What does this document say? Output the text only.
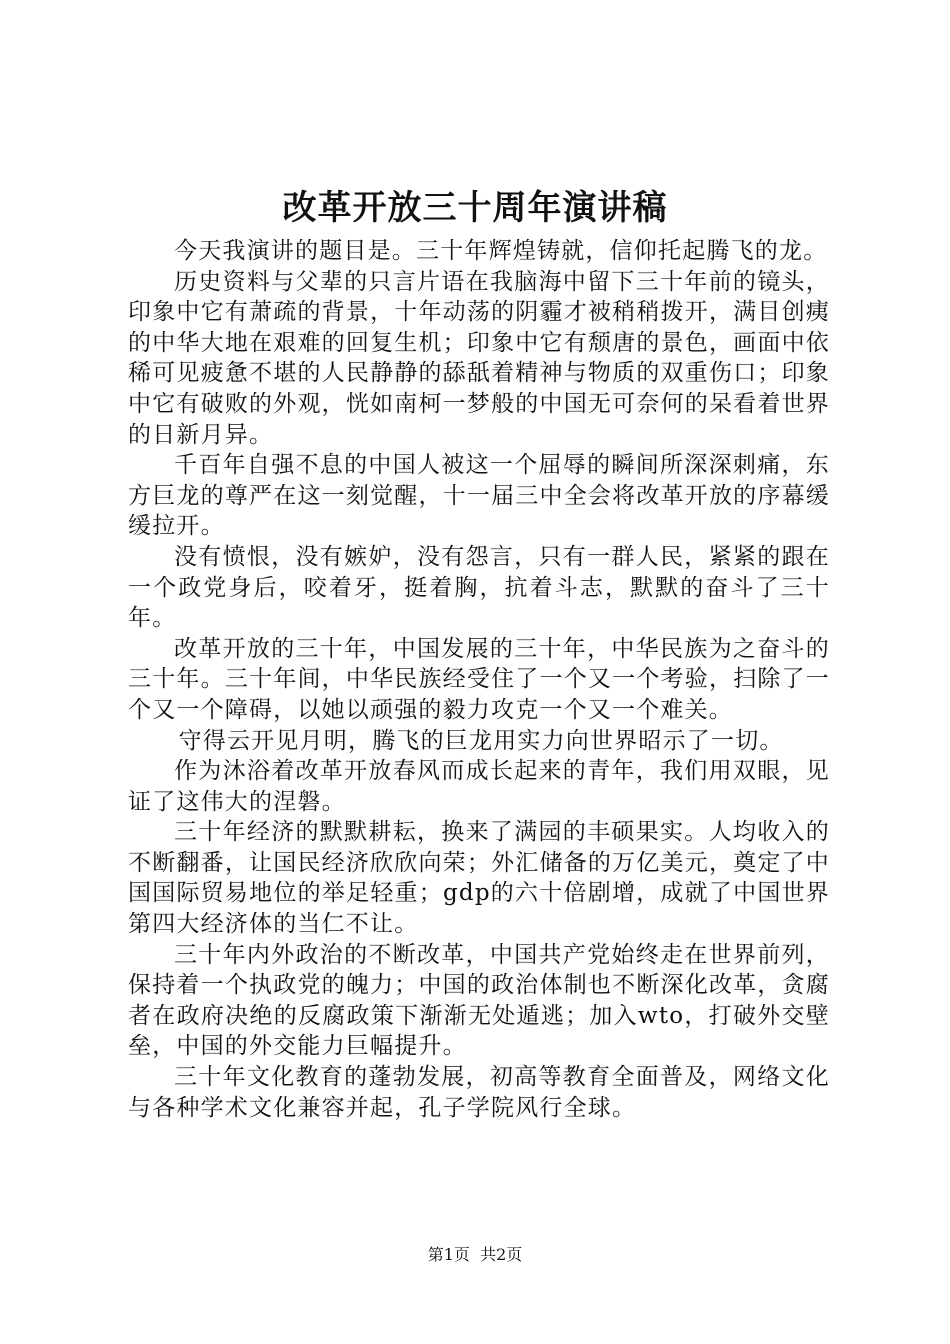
改革开放三十周年演讲稿

今天我演讲的题目是。三十年辉煌铸就，信仰托起腾飞的龙。

历史资料与父辈的只言片语在我脑海中留下三十年前的镜头，印象中它有萧疏的背景，十年动荡的阴霾才被稍稍拨开，满目创痍的中华大地在艰难的回复生机；印象中它有颓唐的景色，画面中依稀可见疲惫不堪的人民静静的舔舐着精神与物质的双重伤口；印象中它有破败的外观，恍如南柯一梦般的中国无可奈何的呆看着世界的日新月异。

千百年自强不息的中国人被这一个屈辱的瞬间所深深刺痛，东方巨龙的尊严在这一刻觉醒，十一届三中全会将改革开放的序幕缓缓拉开。

没有愤恨，没有嫉妒，没有怨言，只有一群人民，紧紧的跟在一个政党身后，咬着牙，挺着胸，抗着斗志，默默的奋斗了三十年。

改革开放的三十年，中国发展的三十年，中华民族为之奋斗的三十年。三十年间，中华民族经受住了一个又一个考验，扫除了一个又一个障碍，以她以顽强的毅力攻克一个又一个难关。

守得云开见月明，腾飞的巨龙用实力向世界昭示了一切。

作为沐浴着改革开放春风而成长起来的青年，我们用双眼，见证了这伟大的涅磐。

三十年经济的默默耕耘，换来了满园的丰硕果实。人均收入的不断翻番，让国民经济欣欣向荣；外汇储备的万亿美元，奠定了中国国际贸易地位的举足轻重；gdp的六十倍剧增，成就了中国世界第四大经济体的当仁不让。

三十年内外政治的不断改革，中国共产党始终走在世界前列，保持着一个执政党的魄力；中国的政治体制也不断深化改革，贪腐者在政府决绝的反腐政策下渐渐无处遁逃；加入wto，打破外交壁垒，中国的外交能力巨幅提升。

三十年文化教育的蓬勃发展，初高等教育全面普及，网络文化与各种学术文化兼容并起，孔子学院风行全球。

第1页  共2页
